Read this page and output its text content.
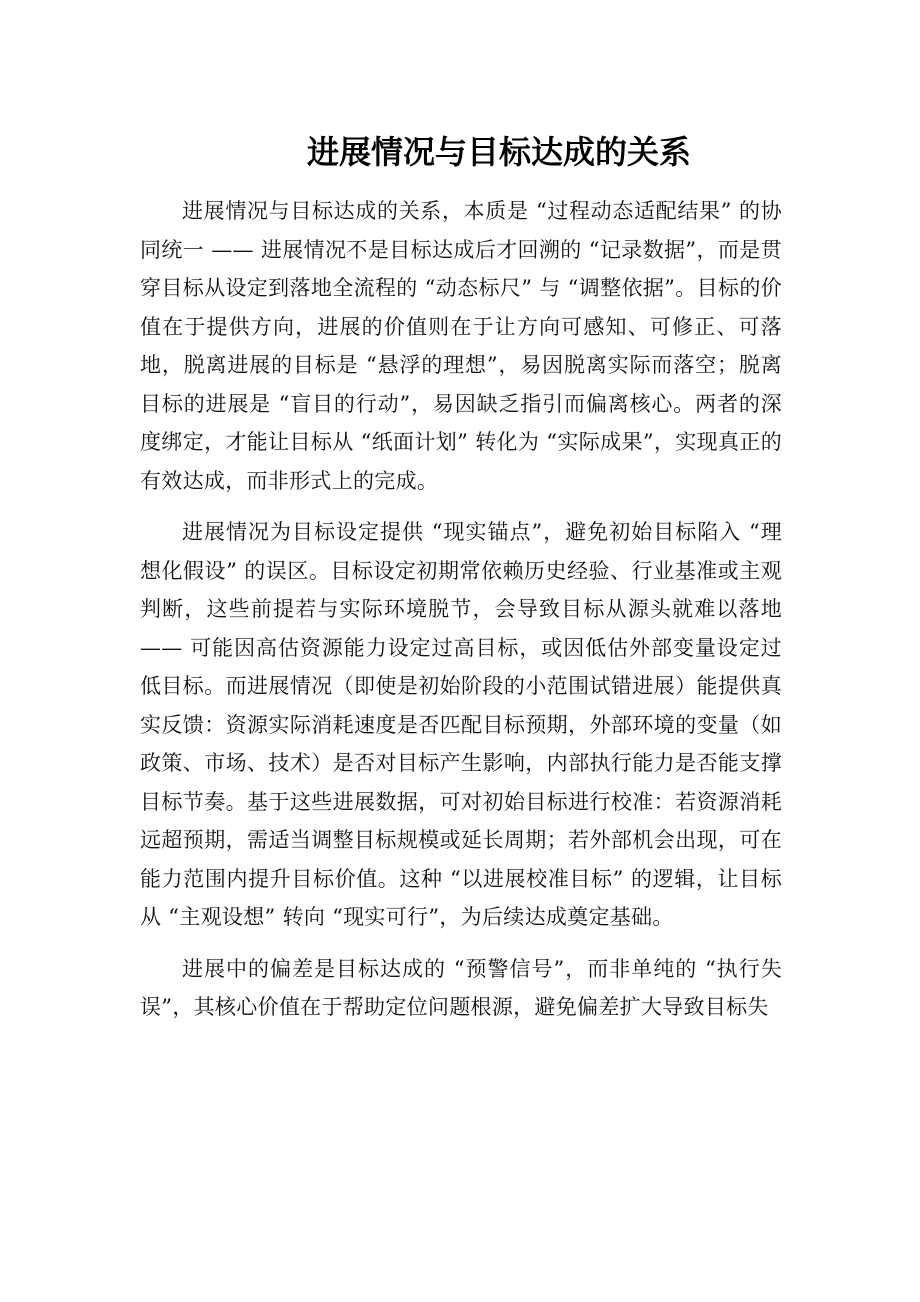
进展情况与目标达成的关系

进展情况与目标达成的关系，本质是 “过程动态适配结果” 的协同统一 —— 进展情况不是目标达成后才回溯的 “记录数据”，而是贯穿目标从设定到落地全流程的 “动态标尺” 与 “调整依据”。目标的价值在于提供方向，进展的价值则在于让方向可感知、可修正、可落地，脱离进展的目标是 “悬浮的理想”，易因脱离实际而落空；脱离目标的进展是 “盲目的行动”，易因缺乏指引而偏离核心。两者的深度绑定，才能让目标从 “纸面计划” 转化为 “实际成果”，实现真正的有效达成，而非形式上的完成。

进展情况为目标设定提供 “现实锚点”，避免初始目标陷入 “理想化假设” 的误区。目标设定初期常依赖历史经验、行业基准或主观判断，这些前提若与实际环境脱节，会导致目标从源头就难以落地 —— 可能因高估资源能力设定过高目标，或因低估外部变量设定过低目标。而进展情况（即使是初始阶段的小范围试错进展）能提供真实反馈：资源实际消耗速度是否匹配目标预期，外部环境的变量（如政策、市场、技术）是否对目标产生影响，内部执行能力是否能支撑目标节奏。基于这些进展数据，可对初始目标进行校准：若资源消耗远超预期，需适当调整目标规模或延长周期；若外部机会出现，可在能力范围内提升目标价值。这种 “以进展校准目标” 的逻辑，让目标从 “主观设想” 转向 “现实可行”，为后续达成奠定基础。

进展中的偏差是目标达成的 “预警信号”，而非单纯的 “执行失误”，其核心价值在于帮助定位问题根源，避免偏差扩大导致目标失
